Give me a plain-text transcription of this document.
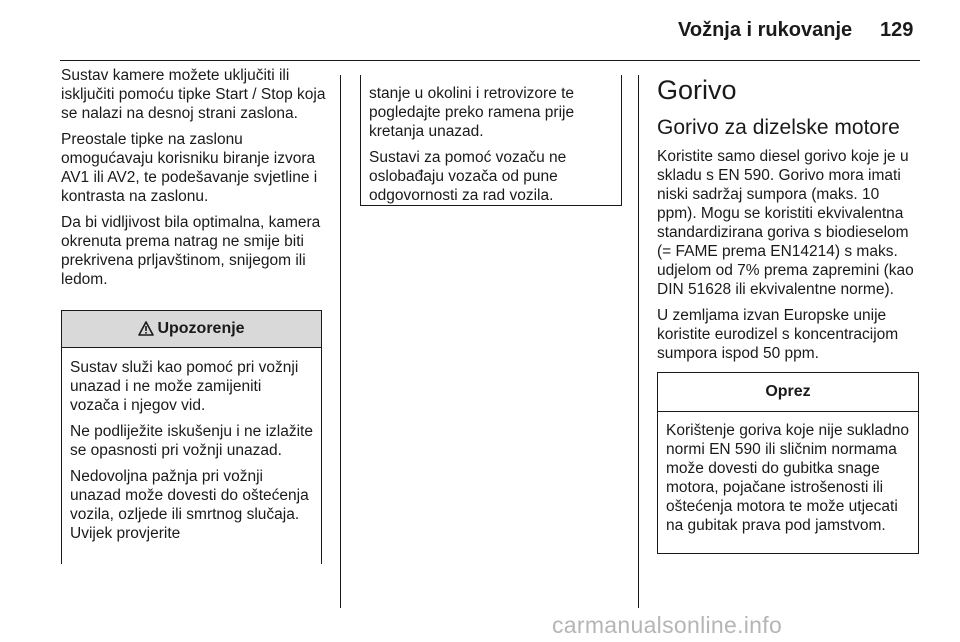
Vožnja i rukovanje 129

Sustav kamere možete uključiti ili isključiti pomoću tipke Start / Stop koja se nalazi na desnoj strani zaslona.

Preostale tipke na zaslonu omogućavaju korisniku biranje izvora AV1 ili AV2, te podešavanje svjetline i kontrasta na zaslonu.

Da bi vidljivost bila optimalna, kamera okrenuta prema natrag ne smije biti prekrivena prljavštinom, snijegom ili ledom.

Upozorenje

Sustav služi kao pomoć pri vožnji unazad i ne može zamijeniti vozača i njegov vid.

Ne podliježite iskušenju i ne izlažite se opasnosti pri vožnji unazad.

Nedovoljna pažnja pri vožnji unazad može dovesti do oštećenja vozila, ozljede ili smrtnog slučaja. Uvijek provjerite

stanje u okolini i retrovizore te pogledajte preko ramena prije kretanja unazad.

Sustavi za pomoć vozaču ne oslobađaju vozača od pune odgovornosti za rad vozila.

Gorivo
Gorivo za dizelske motore

Koristite samo diesel gorivo koje je u skladu s EN 590. Gorivo mora imati niski sadržaj sumpora (maks. 10 ppm). Mogu se koristiti ekvivalentna standardizirana goriva s biodieselom (= FAME prema EN14214) s maks. udjelom od 7% prema zapremini (kao DIN 51628 ili ekvivalentne norme).

U zemljama izvan Europske unije koristite eurodizel s koncentracijom sumpora ispod 50 ppm.

Oprez
Korištenje goriva koje nije sukladno normi EN 590 ili sličnim normama može dovesti do gubitka snage motora, pojačane istrošenosti ili oštećenja motora te može utjecati na gubitak prava pod jamstvom.
carmanualsonline.info
